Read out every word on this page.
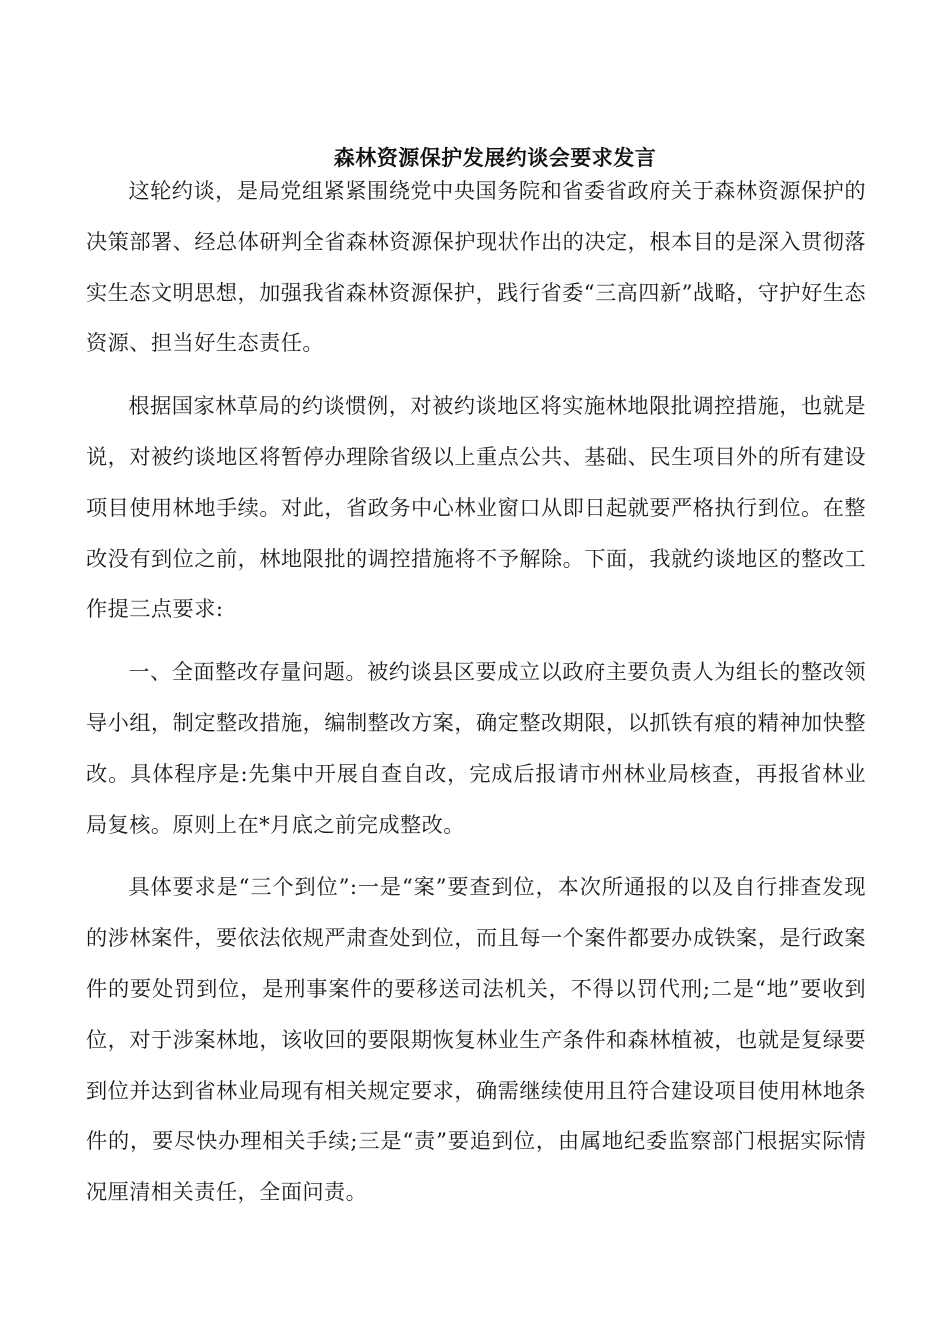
森林资源保护发展约谈会要求发言

这轮约谈，是局党组紧紧围绕党中央国务院和省委省政府关于森林资源保护的决策部署、经总体研判全省森林资源保护现状作出的决定，根本目的是深入贯彻落实生态文明思想，加强我省森林资源保护，践行省委“三高四新”战略，守护好生态资源、担当好生态责任。

根据国家林草局的约谈惯例，对被约谈地区将实施林地限批调控措施，也就是说，对被约谈地区将暂停办理除省级以上重点公共、基础、民生项目外的所有建设项目使用林地手续。对此，省政务中心林业窗口从即日起就要严格执行到位。在整改没有到位之前，林地限批的调控措施将不予解除。下面，我就约谈地区的整改工作提三点要求:

一、全面整改存量问题。被约谈县区要成立以政府主要负责人为组长的整改领导小组，制定整改措施，编制整改方案，确定整改期限，以抓铁有痕的精神加快整改。具体程序是:先集中开展自查自改，完成后报请市州林业局核查，再报省林业局复核。原则上在*月底之前完成整改。

具体要求是“三个到位”:一是“案”要查到位，本次所通报的以及自行排查发现的涉林案件，要依法依规严肃查处到位，而且每一个案件都要办成铁案，是行政案件的要处罚到位，是刑事案件的要移送司法机关，不得以罚代刑;二是“地”要收到位，对于涉案林地，该收回的要限期恢复林业生产条件和森林植被，也就是复绿要到位并达到省林业局现有相关规定要求，确需继续使用且符合建设项目使用林地条件的，要尽快办理相关手续;三是“责”要追到位，由属地纪委监察部门根据实际情况厘清相关责任，全面问责。
